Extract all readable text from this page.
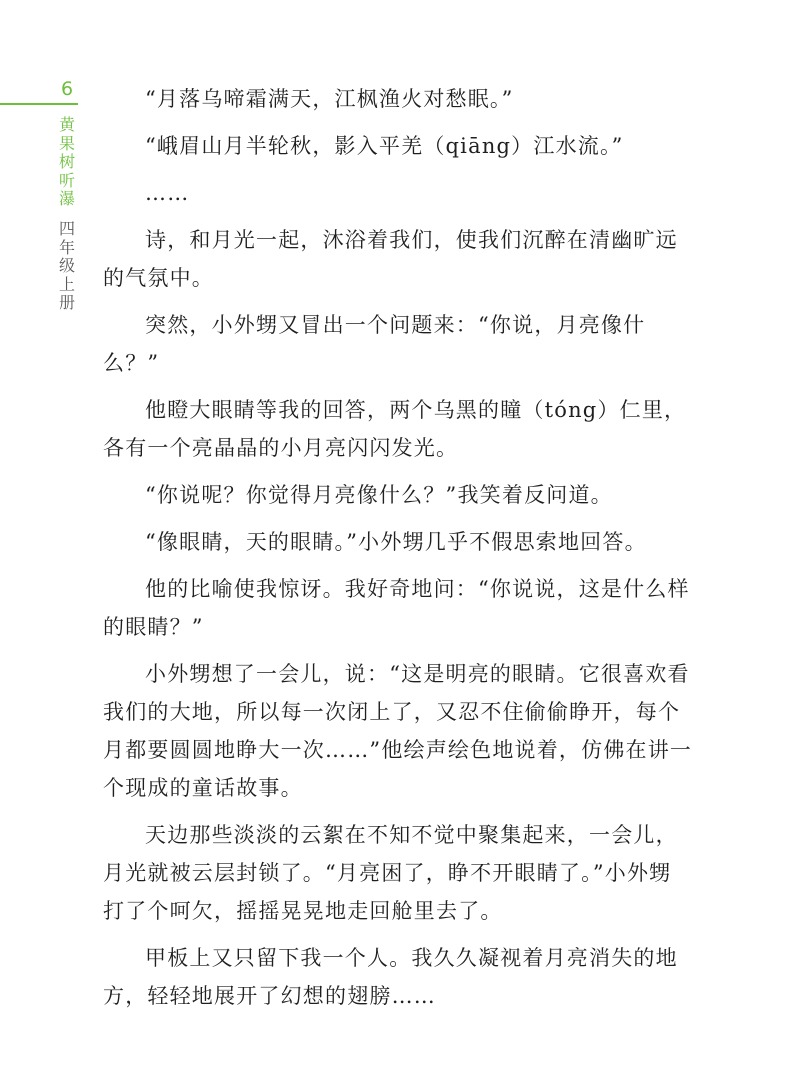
6
黄果树听瀑
四年级上册

“月落乌啼霜满天，江枫渔火对愁眠。”

“峨眉山月半轮秋，影入平羌（qiāng）江水流。”

……

诗，和月光一起，沐浴着我们，使我们沉醉在清幽旷远的气氛中。

突然，小外甥又冒出一个问题来：“你说，月亮像什么？”

他瞪大眼睛等我的回答，两个乌黑的瞳（tóng）仁里，各有一个亮晶晶的小月亮闪闪发光。

“你说呢？你觉得月亮像什么？”我笑着反问道。

“像眼睛，天的眼睛。”小外甥几乎不假思索地回答。

他的比喻使我惊讶。我好奇地问：“你说说，这是什么样的眼睛？”

小外甥想了一会儿，说：“这是明亮的眼睛。它很喜欢看我们的大地，所以每一次闭上了，又忍不住偷偷睁开，每个月都要圆圆地睁大一次……”他绘声绘色地说着，仿佛在讲一个现成的童话故事。

天边那些淡淡的云絮在不知不觉中聚集起来，一会儿，月光就被云层封锁了。“月亮困了，睁不开眼睛了。”小外甥打了个呵欠，摇摇晃晃地走回舱里去了。

甲板上又只留下我一个人。我久久凝视着月亮消失的地方，轻轻地展开了幻想的翅膀……
